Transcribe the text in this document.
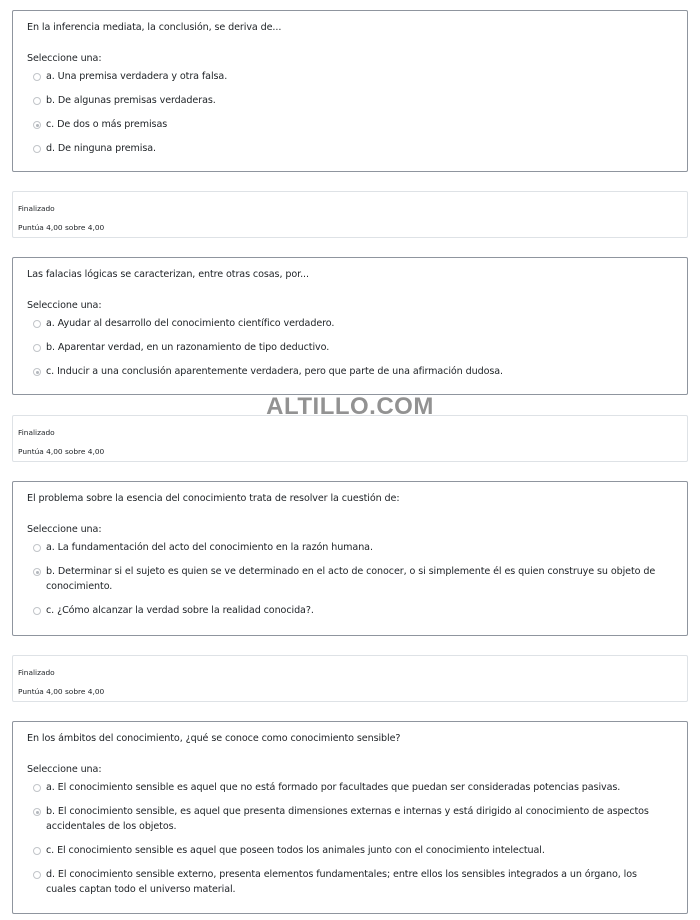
En la inferencia mediata, la conclusión, se deriva de...
Seleccione una:
a. Una premisa verdadera y otra falsa.
b. De algunas premisas verdaderas.
c. De dos o más premisas
d. De ninguna premisa.
Finalizado
Puntúa 4,00 sobre 4,00
Las falacias lógicas se caracterizan, entre otras cosas, por...
Seleccione una:
a. Ayudar al desarrollo del conocimiento científico verdadero.
b. Aparentar verdad, en un razonamiento de tipo deductivo.
c. Inducir a una conclusión aparentemente verdadera, pero que parte de una afirmación dudosa.
Finalizado
Puntúa 4,00 sobre 4,00
El problema sobre la esencia del conocimiento trata de resolver la cuestión de:
Seleccione una:
a. La fundamentación del acto del conocimiento en la razón humana.
b. Determinar si el sujeto es quien se ve determinado en el acto de conocer, o si simplemente él es quien construye su objeto de conocimiento.
c. ¿Cómo alcanzar la verdad sobre la realidad conocida?.
Finalizado
Puntúa 4,00 sobre 4,00
En los ámbitos del conocimiento, ¿qué se conoce como conocimiento sensible?
Seleccione una:
a. El conocimiento sensible es aquel que no está formado por facultades que puedan ser consideradas potencias pasivas.
b. El conocimiento sensible, es aquel que presenta dimensiones externas e internas y está dirigido al conocimiento de aspectos accidentales de los objetos.
c. El conocimiento sensible es aquel que poseen todos los animales junto con el conocimiento intelectual.
d. El conocimiento sensible externo, presenta elementos fundamentales; entre ellos los sensibles integrados a un órgano, los cuales captan todo el universo material.
ALTILLO.COM
